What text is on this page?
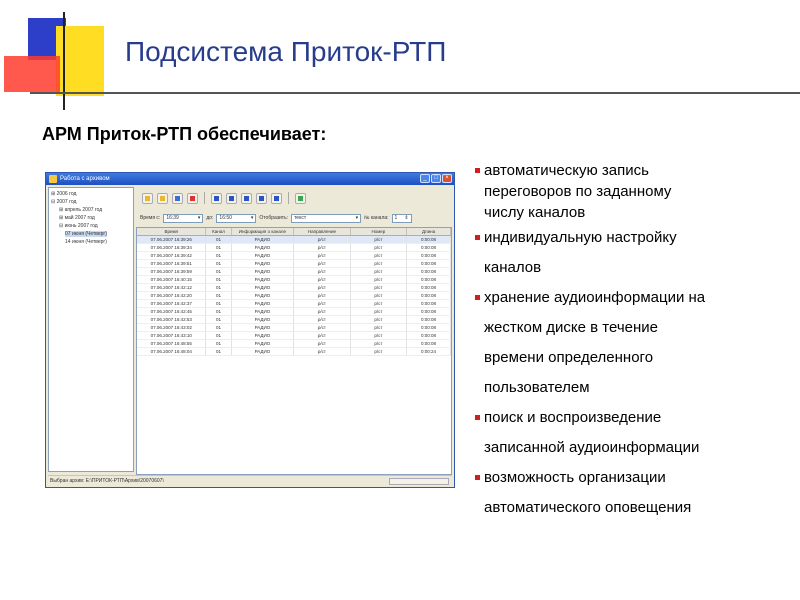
Подсистема Приток-РТП
АРМ Приток-РТП обеспечивает:
Работа с архивом	_	□	×
⊞ 2006 год
⊟ 2007 год
⊞ апрель 2007 год
⊞ май 2007 год
⊟ июнь 2007 год
07 июня (Четверг)
14 июня (Четверг)
Время с: 16:39	▾ до: 16:50	▾ Отобразить: текст	▾ № канала: 1 ⇕
Время	Канал	Информация о канале	Направление	Номер	Длина
07.06.2007 16:39:26	01	РАДИО	р/ст	р/ст	0:00:08
07.06.2007 16:39:34	01	РАДИО	р/ст	р/ст	0:00:08
07.06.2007 16:39:42	01	РАДИО	р/ст	р/ст	0:00:08
07.06.2007 16:39:51	01	РАДИО	р/ст	р/ст	0:00:08
07.06.2007 16:39:59	01	РАДИО	р/ст	р/ст	0:00:08
07.06.2007 16:40:15	01	РАДИО	р/ст	р/ст	0:00:08
07.06.2007 16:42:12	01	РАДИО	р/ст	р/ст	0:00:08
07.06.2007 16:42:20	01	РАДИО	р/ст	р/ст	0:00:08
07.06.2007 16:42:37	01	РАДИО	р/ст	р/ст	0:00:08
07.06.2007 16:42:45	01	РАДИО	р/ст	р/ст	0:00:08
07.06.2007 16:42:53	01	РАДИО	р/ст	р/ст	0:00:08
07.06.2007 16:43:02	01	РАДИО	р/ст	р/ст	0:00:08
07.06.2007 16:43:10	01	РАДИО	р/ст	р/ст	0:00:08
07.06.2007 16:48:55	01	РАДИО	р/ст	р/ст	0:00:08
07.06.2007 16:48:04	01	РАДИО	р/ст	р/ст	0:00:24
Выбран архив: E:\ПРИТОК-РТП\Архив\20070607\
автоматическую запись
переговоров по заданному
числу каналов
индивидуальную настройку
каналов
хранение аудиоинформации на
жестком диске в течение
времени определенного
пользователем
поиск и воспроизведение
записанной аудиоинформации
возможность организации
автоматического оповещения
